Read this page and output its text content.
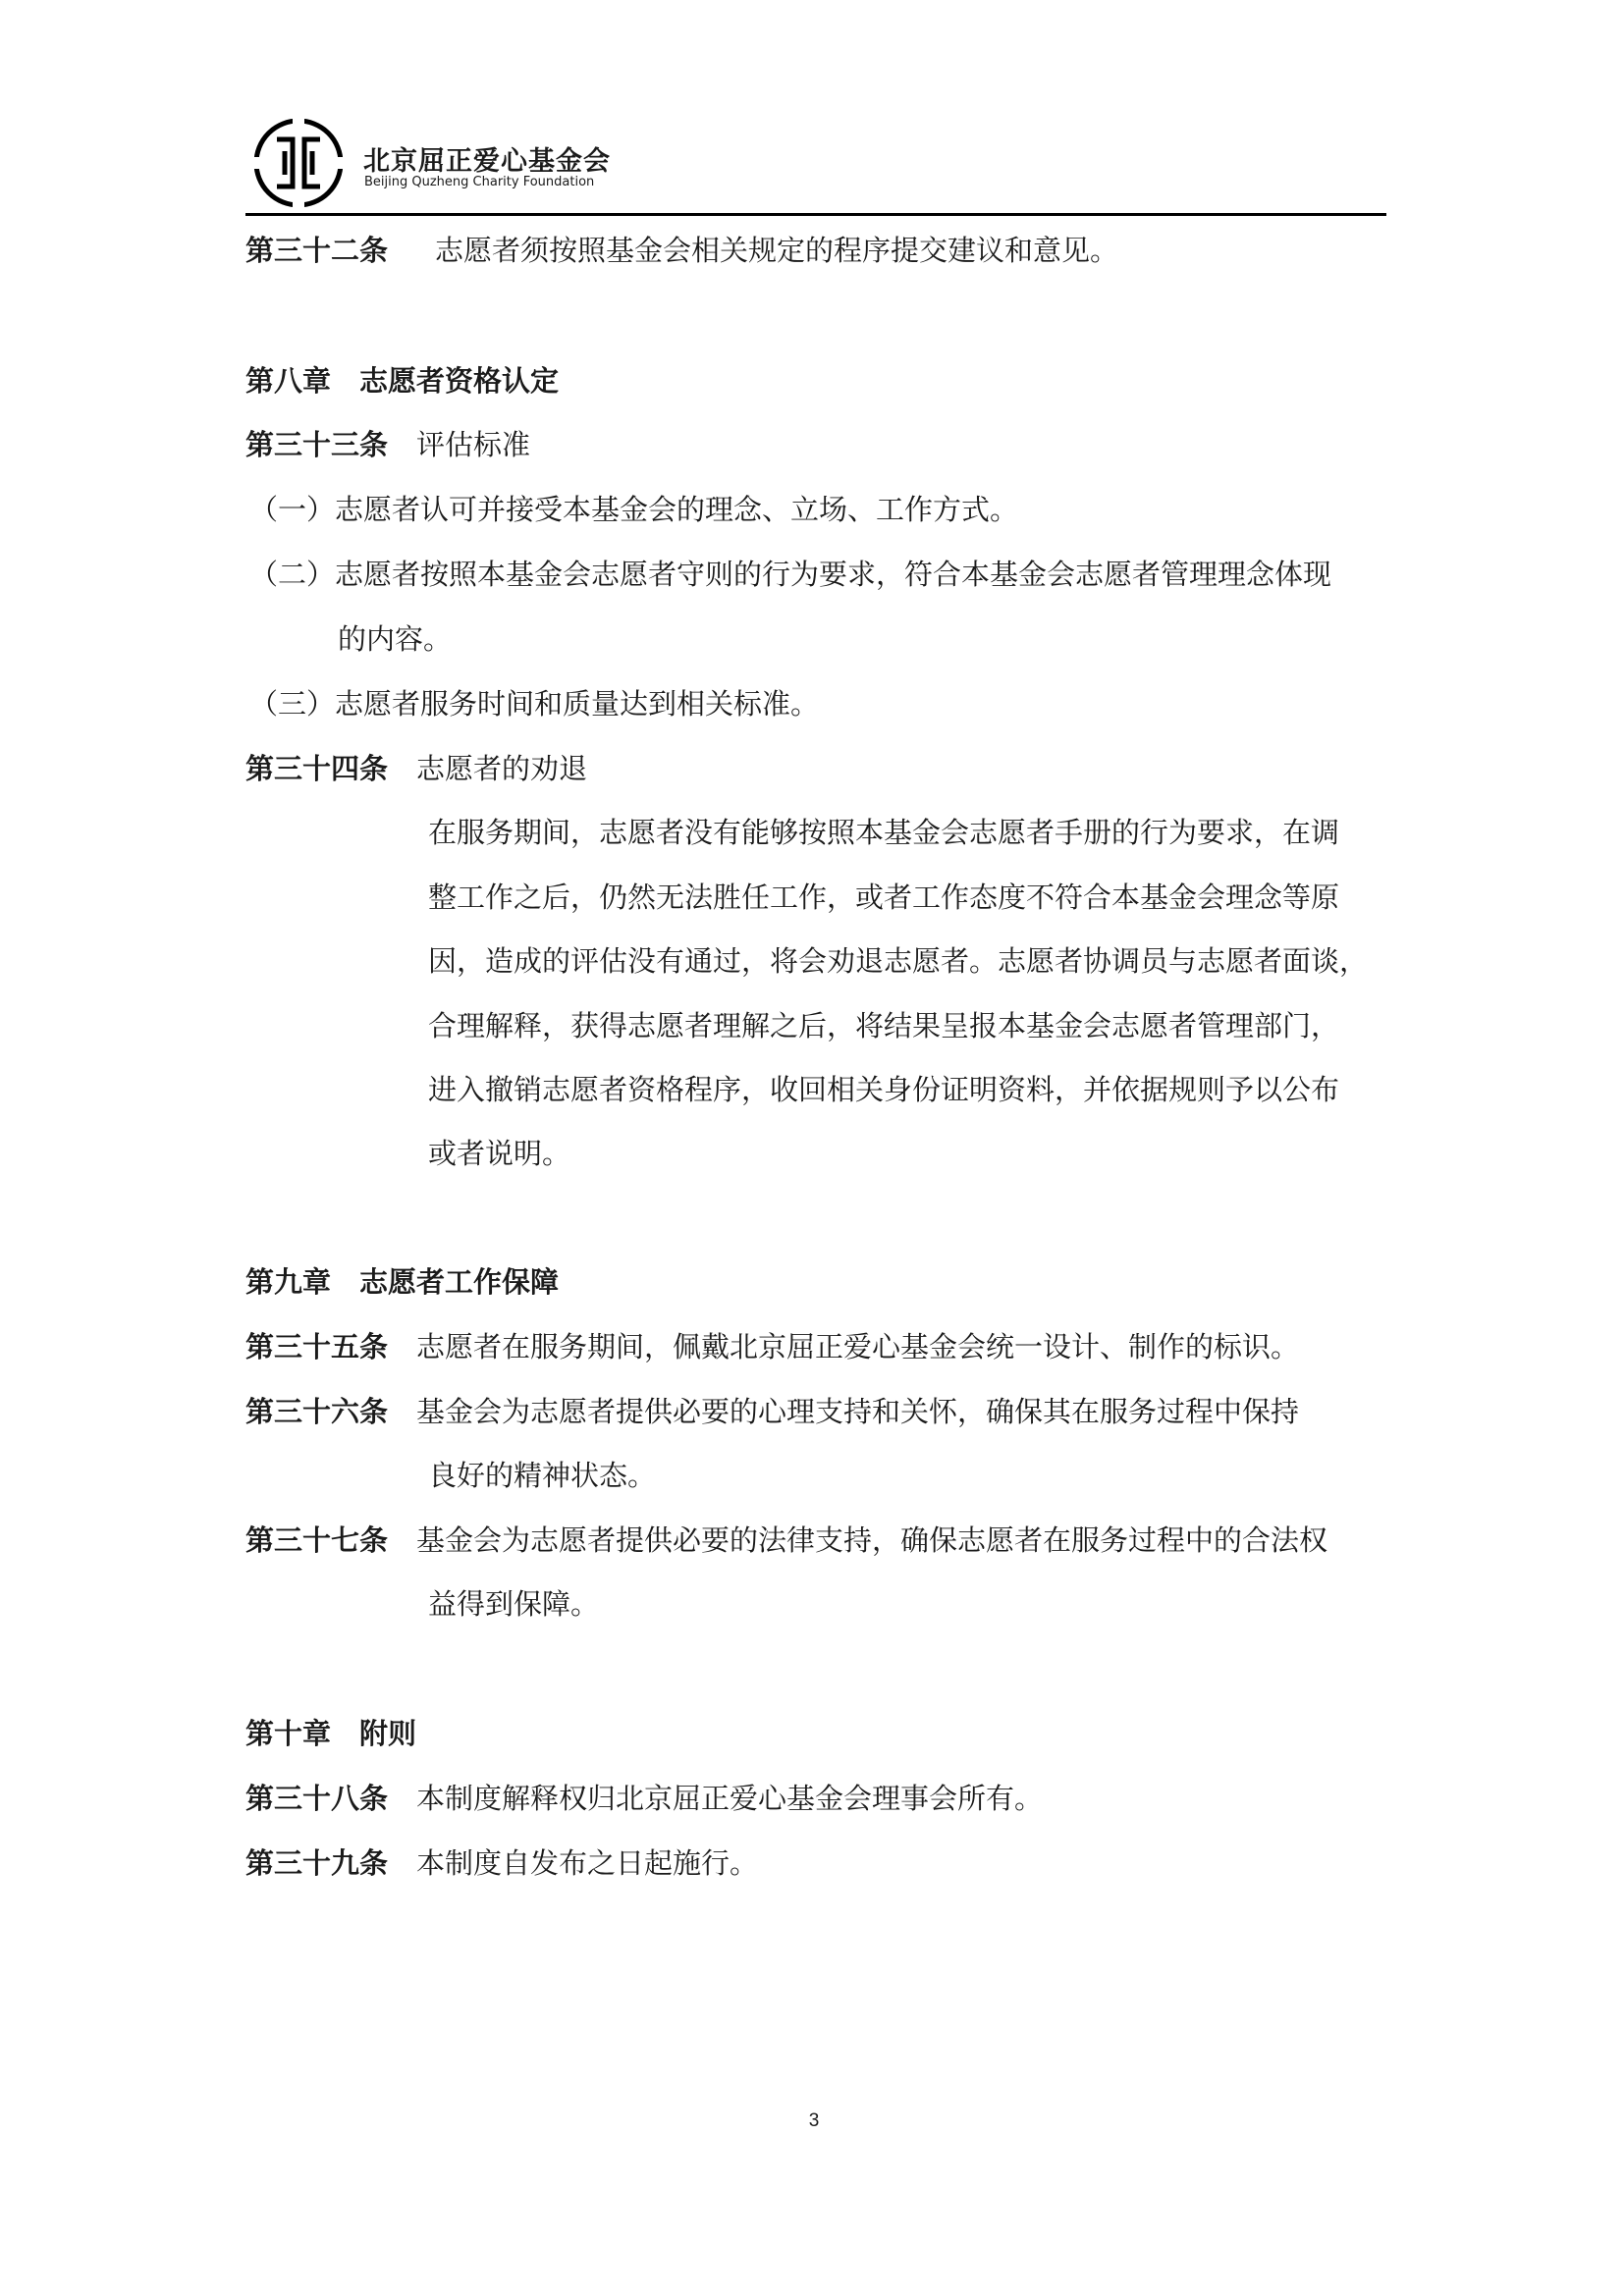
北京屈正爱心基金会
Beijing Quzheng Charity Foundation
第三十二条 志愿者须按照基金会相关规定的程序提交建议和意见。
第八章 志愿者资格认定
第三十三条 评估标准
（一）志愿者认可并接受本基金会的理念、立场、工作方式。
（二）志愿者按照本基金会志愿者守则的行为要求，符合本基金会志愿者管理理念体现
的内容。
（三）志愿者服务时间和质量达到相关标准。
第三十四条 志愿者的劝退
在服务期间，志愿者没有能够按照本基金会志愿者手册的行为要求，在调
整工作之后，仍然无法胜任工作，或者工作态度不符合本基金会理念等原
因，造成的评估没有通过，将会劝退志愿者。志愿者协调员与志愿者面谈，
合理解释，获得志愿者理解之后，将结果呈报本基金会志愿者管理部门，
进入撤销志愿者资格程序，收回相关身份证明资料，并依据规则予以公布
或者说明。
第九章 志愿者工作保障
第三十五条 志愿者在服务期间，佩戴北京屈正爱心基金会统一设计、制作的标识。
第三十六条 基金会为志愿者提供必要的心理支持和关怀，确保其在服务过程中保持
良好的精神状态。
第三十七条 基金会为志愿者提供必要的法律支持，确保志愿者在服务过程中的合法权
益得到保障。
第十章 附则
第三十八条 本制度解释权归北京屈正爱心基金会理事会所有。
第三十九条 本制度自发布之日起施行。
3
